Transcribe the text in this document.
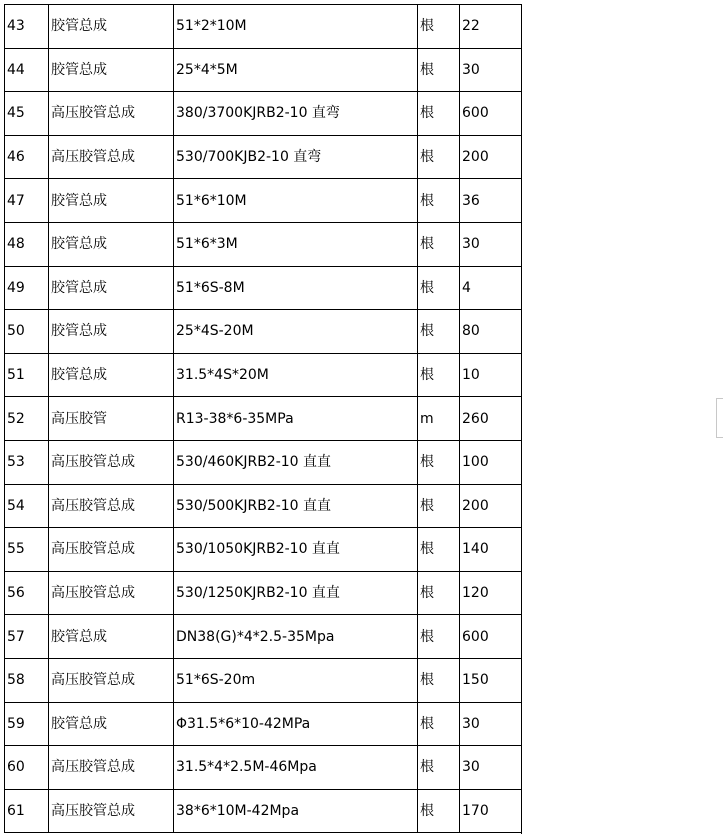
43	胶管总成	51*2*10M	根	22

44	胶管总成	25*4*5M	根	30

45	高压胶管总成	380/3700KJRB2-10 直弯	根	600

46	高压胶管总成	530/700KJB2-10 直弯	根	200

47	胶管总成	51*6*10M	根	36

48	胶管总成	51*6*3M	根	30

49	胶管总成	51*6S-8M	根	4

50	胶管总成	25*4S-20M	根	80

51	胶管总成	31.5*4S*20M	根	10

52	高压胶管	R13-38*6-35MPa	m	260

53	高压胶管总成	530/460KJRB2-10 直直	根	100

54	高压胶管总成	530/500KJRB2-10 直直	根	200

55	高压胶管总成	530/1050KJRB2-10 直直	根	140

56	高压胶管总成	530/1250KJRB2-10 直直	根	120

57	胶管总成	DN38(G)*4*2.5-35Mpa	根	600

58	高压胶管总成	51*6S-20m	根	150

59	胶管总成	Φ31.5*6*10-42MPa	根	30

60	高压胶管总成	31.5*4*2.5M-46Mpa	根	30

61	高压胶管总成	38*6*10M-42Mpa	根	170
